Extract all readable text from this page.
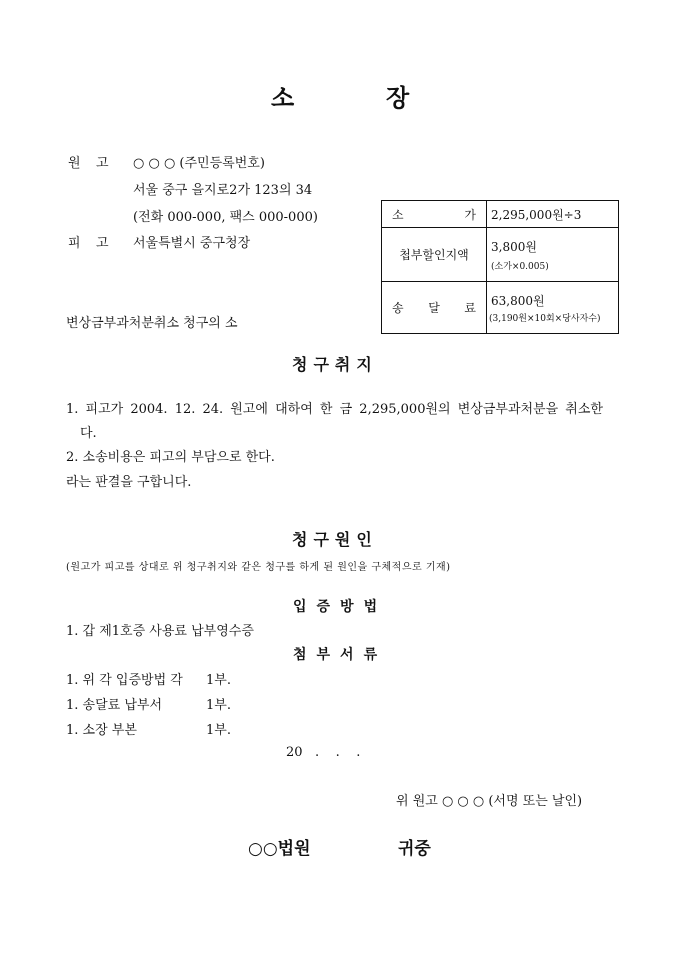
소	장
원 고 ○ ○ ○ (주민등록번호)
서울 중구 을지로2가 123의 34
(전화 000-000, 팩스 000-000)
피 고 서울특별시 중구청장
변상금부과처분취소 청구의 소
소 가	2,295,000원÷3
첩부할인지액	3,800원
(소가×0.005)

송 달 료	63,800원
(3,190원×10회×당사자수)
청구취지
1. 피고가 2004. 12. 24. 원고에 대하여 한 금 2,295,000원의 변상금부과처분을 취소한
다.
2. 소송비용은 피고의 부담으로 한다.
라는 판결을 구합니다.
청구원인
(원고가 피고를 상대로 위 청구취지와 같은 청구를 하게 된 원인을 구체적으로 기재)
입증방법
1. 갑 제1호증 사용료 납부영수증
첨부서류
1. 위 각 입증방법 각 1부.
1. 송달료 납부서	1부.
1. 소장 부본	1부.
20   .    .    .
위 원고 ○ ○ ○ (서명 또는 날인)
○○법원	귀중
